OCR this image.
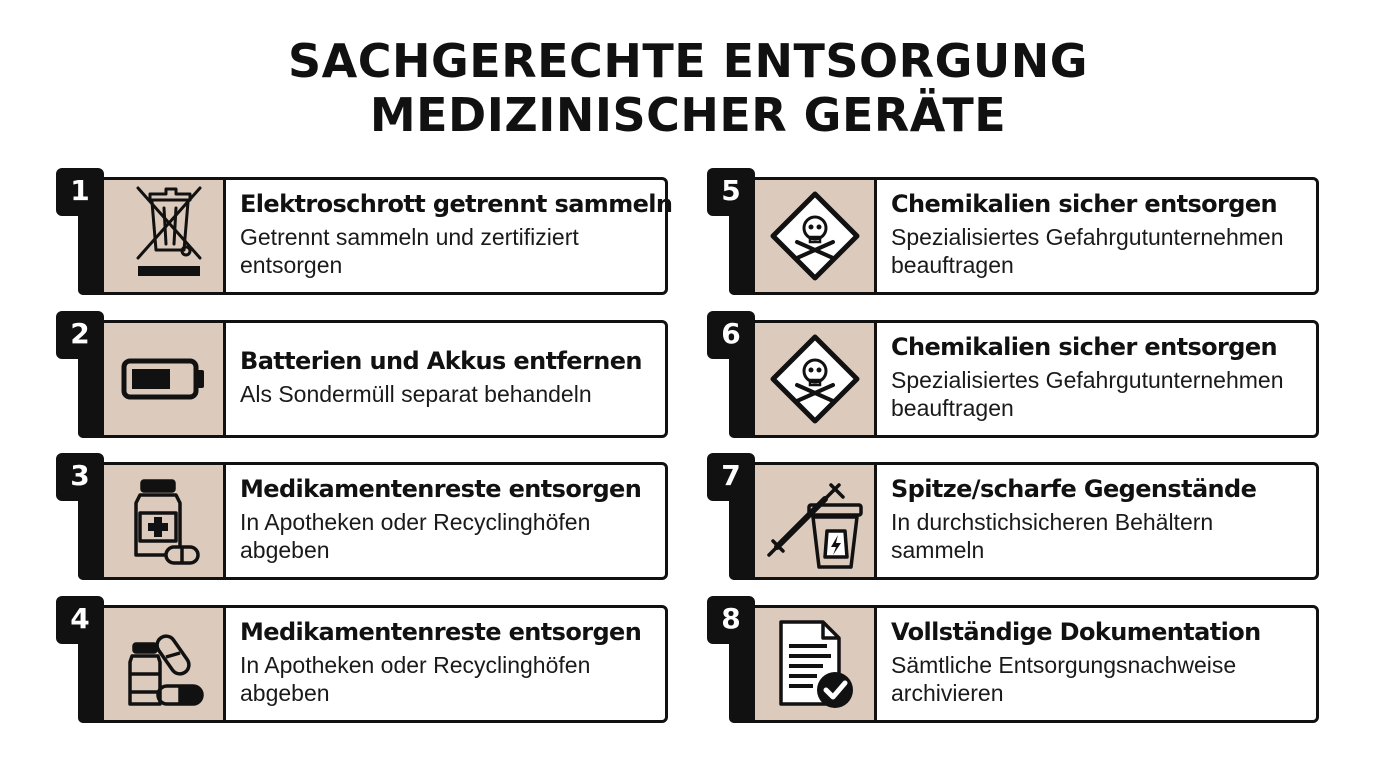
SACHGERECHTE ENTSORGUNG
MEDIZINISCHER GERÄTE
1	Elektroschrott getrennt sammeln
Getrennt sammeln und zertifiziert entsorgen
2
Batterien und Akkus entfernen
Als Sondermüll separat behandeln
3	Medikamentenreste entsorgen
In Apotheken oder Recyclinghöfen abgeben
4	Medikamentenreste entsorgen
In Apotheken oder Recyclinghöfen abgeben
5	Chemikalien sicher entsorgen
Spezialisiertes Gefahrgutunternehmen beauftragen
6	Chemikalien sicher entsorgen
Spezialisiertes Gefahrgutunternehmen beauftragen
7	Spitze/scharfe Gegenstände
In durchstichsicheren Behältern sammeln
8	Vollständige Dokumentation
Sämtliche Entsorgungsnachweise archivieren
